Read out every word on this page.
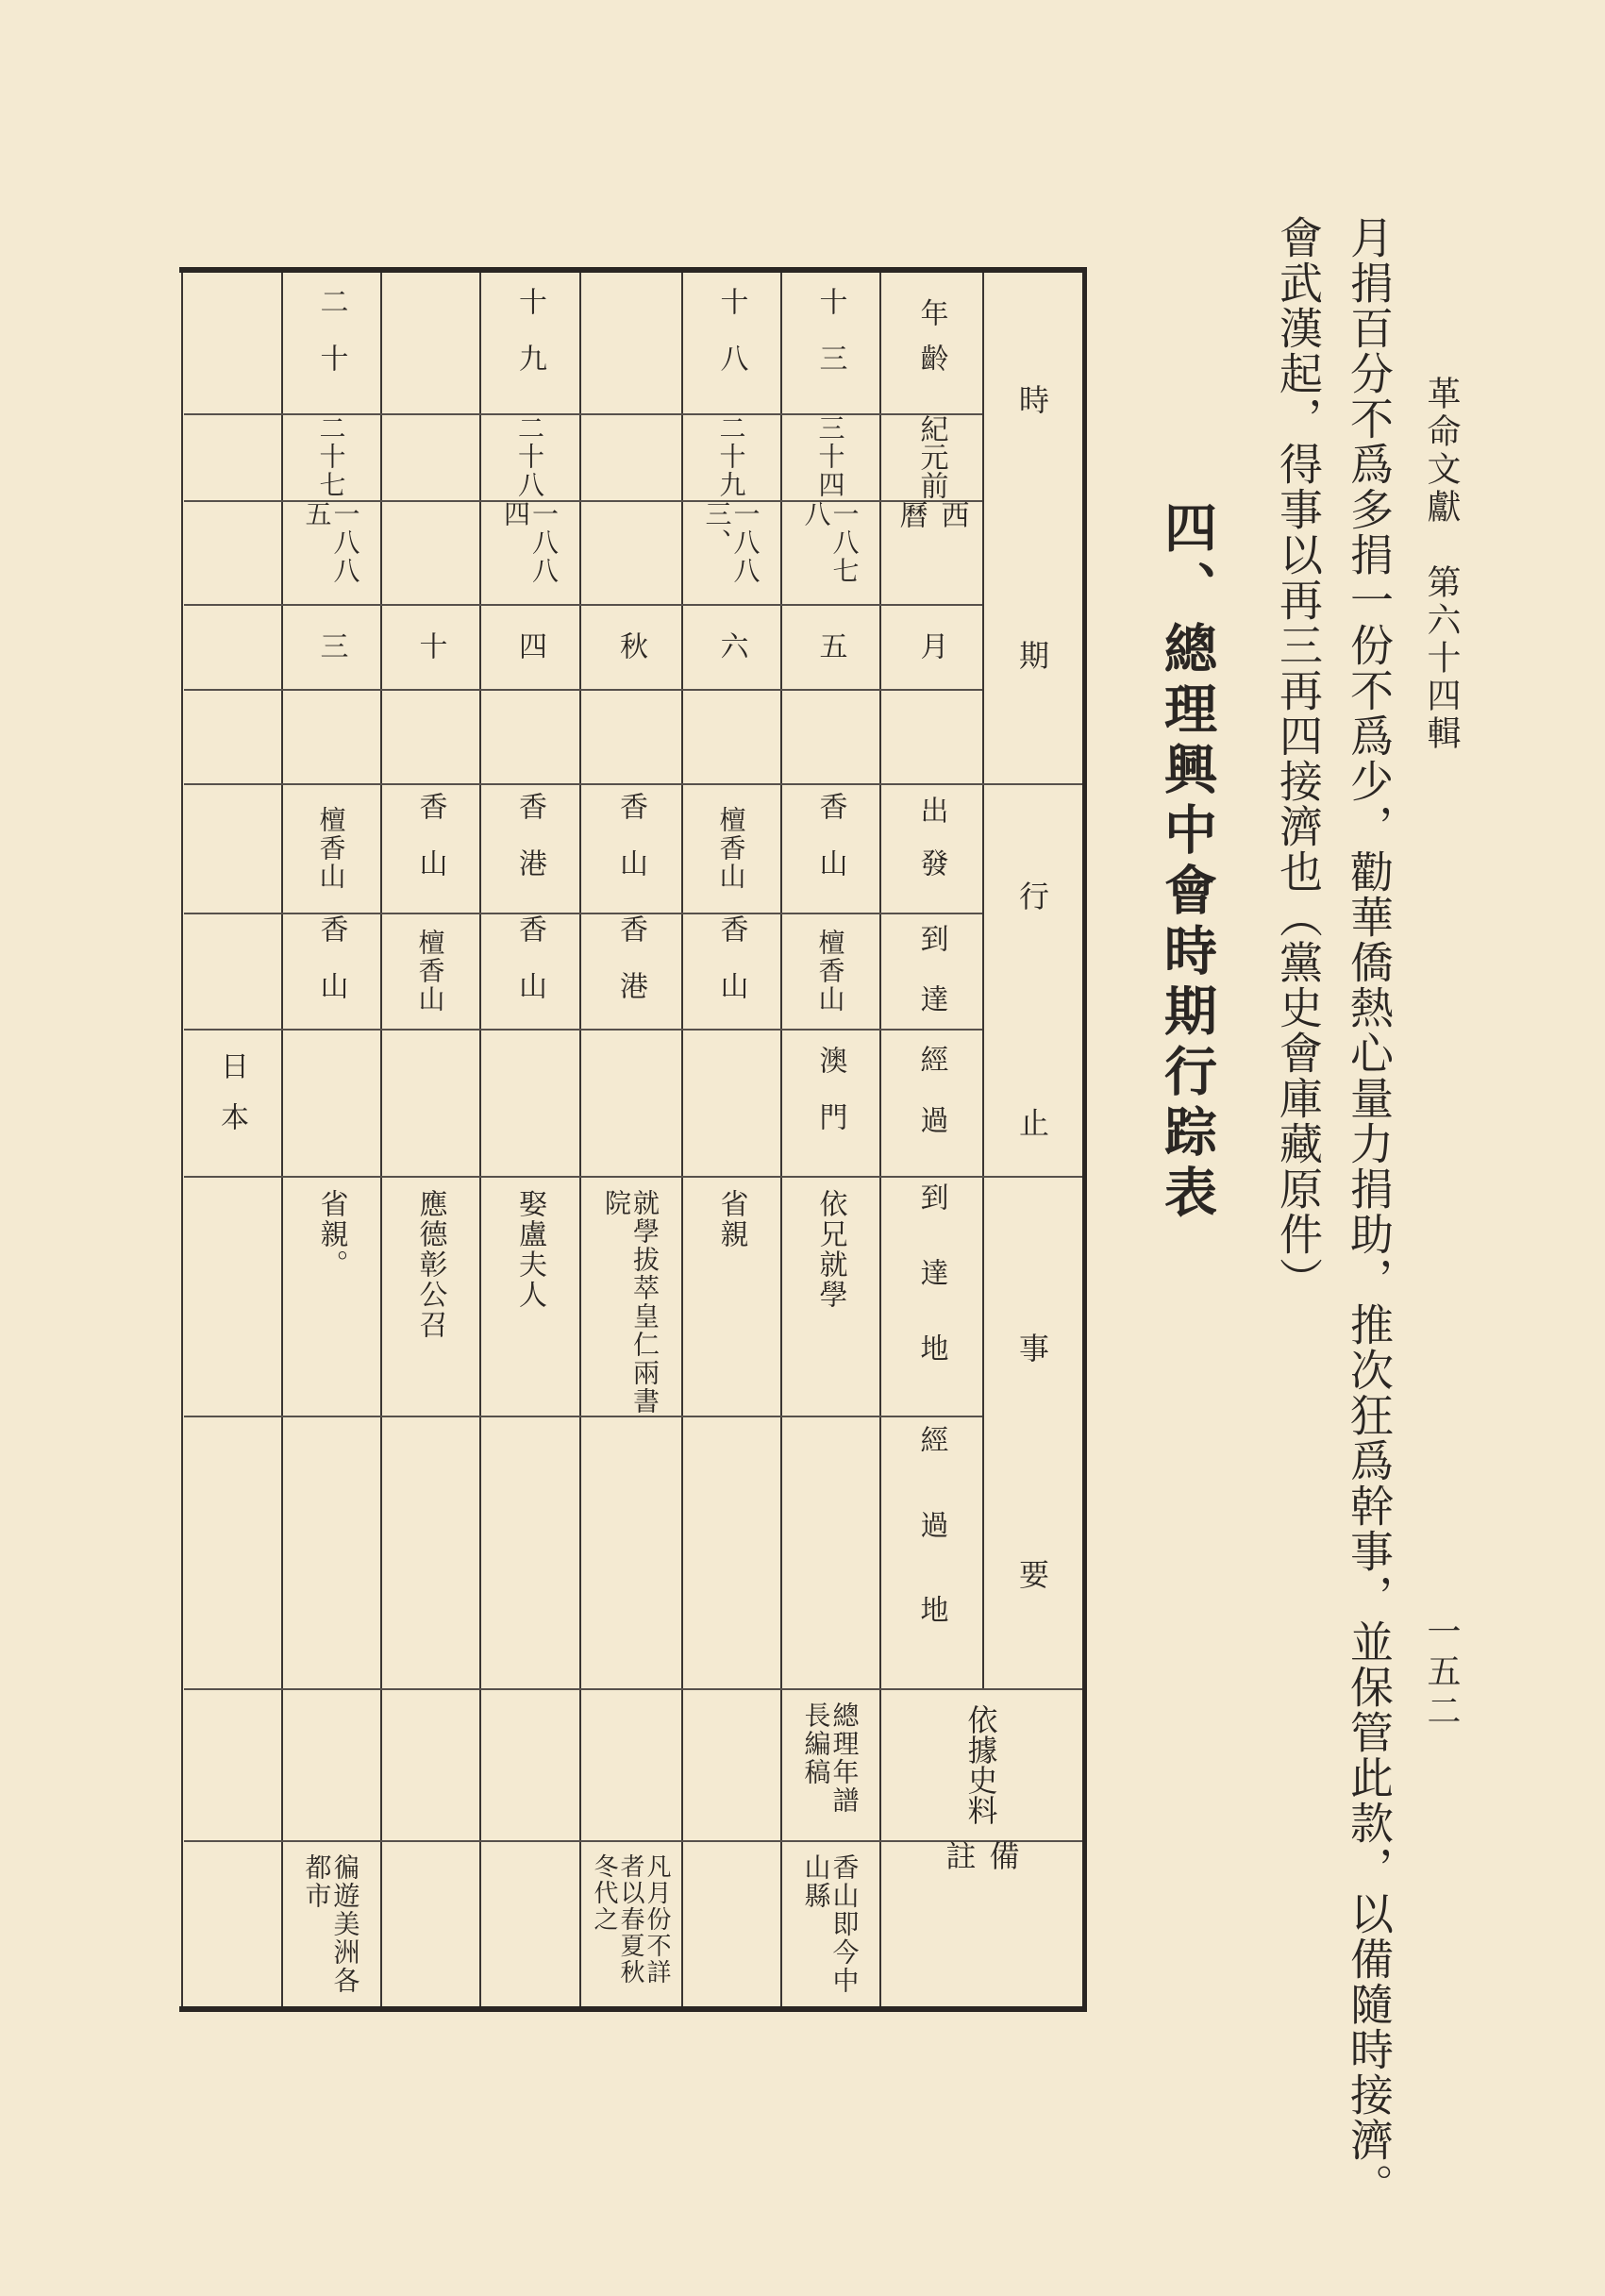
革命文獻　第六十四輯
一五二
月捐百分不爲多捐一份不爲少，勸華僑熱心量力捐助，推次狂爲幹事，並保管此款，以備隨時接濟。
會武漢起，得事以再三再四接濟也（黨史會庫藏原件）
四、總理興中會時期行踪表
時
期
行
止
事
要
依據史料
備註
年齡
紀元前
西曆
月
出發
到達經過
到達地
經過地
十三
三十四
一八七八
五
香山
檀香山
澳門
依兄就學
總理年譜長編稿
香山即今中山縣
十八
二十九
一八八三、
六
檀香山
香山
省親
秋
香山
香港
就學拔萃皇仁兩書院
凡月份不詳者以春夏秋冬代之
十九
二十八
一八八四
四
香港
香山
娶盧夫人
十
香山
檀香山
應德彰公召
二十
二十七
一八八五
三
檀香山
香山
省親。
徧遊美洲各都市
日本
